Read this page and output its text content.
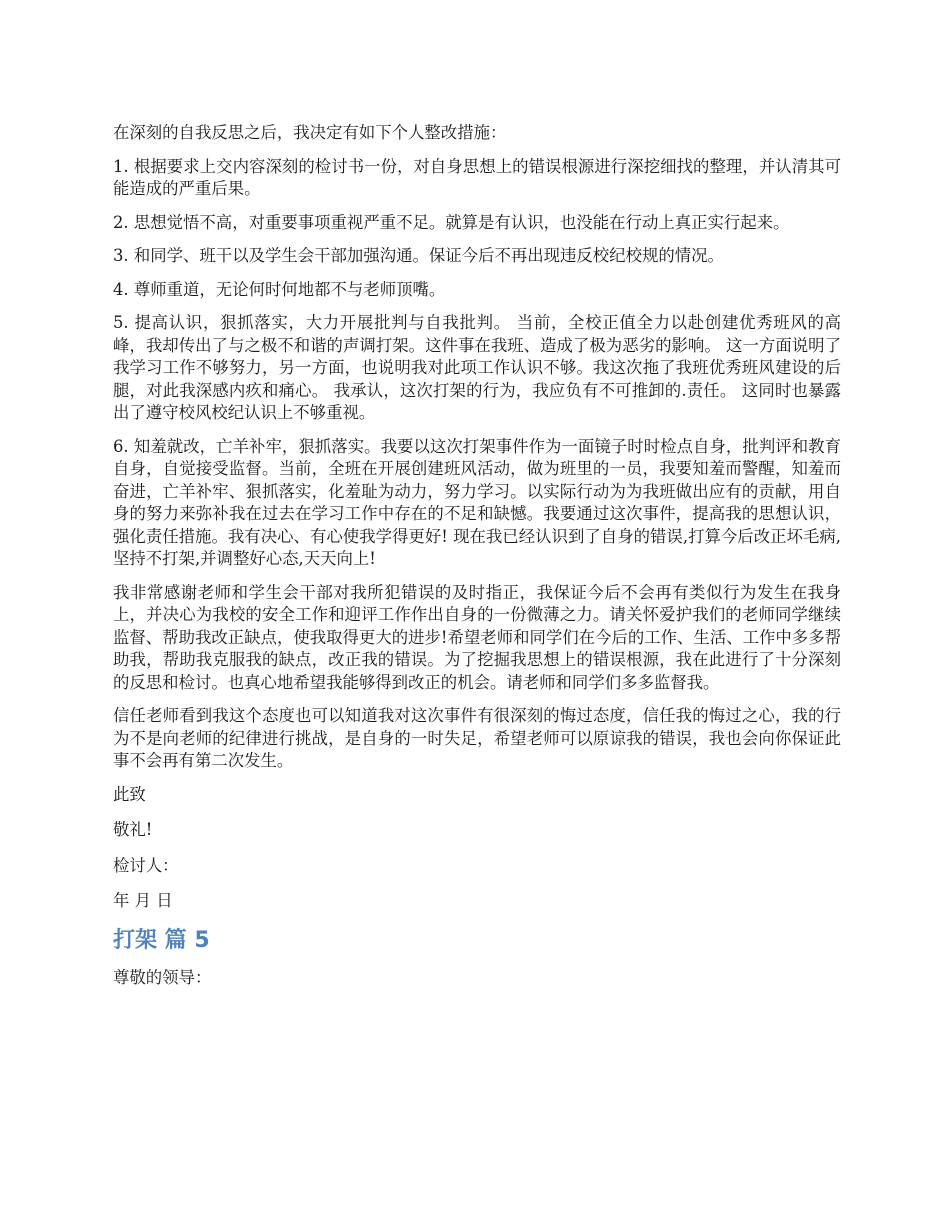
在深刻的自我反思之后，我决定有如下个人整改措施：

1. 根据要求上交内容深刻的检讨书一份，对自身思想上的错误根源进行深挖细找的整理，并认清其可能造成的严重后果。

2. 思想觉悟不高，对重要事项重视严重不足。就算是有认识，也没能在行动上真正实行起来。

3. 和同学、班干以及学生会干部加强沟通。保证今后不再出现违反校纪校规的情况。

4. 尊师重道，无论何时何地都不与老师顶嘴。

5. 提高认识，狠抓落实，大力开展批判与自我批判。 当前，全校正值全力以赴创建优秀班风的高峰，我却传出了与之极不和谐的声调打架。这件事在我班、造成了极为恶劣的影响。 这一方面说明了我学习工作不够努力，另一方面，也说明我对此项工作认识不够。我这次拖了我班优秀班风建设的后腿，对此我深感内疚和痛心。 我承认，这次打架的行为，我应负有不可推卸的.责任。 这同时也暴露出了遵守校风校纪认识上不够重视。

6. 知羞就改，亡羊补牢，狠抓落实。我要以这次打架事件作为一面镜子时时检点自身，批判评和教育自身，自觉接受监督。当前，全班在开展创建班风活动，做为班里的一员，我要知羞而警醒，知羞而奋进，亡羊补牢、狠抓落实，化羞耻为动力，努力学习。以实际行动为为我班做出应有的贡献，用自身的努力来弥补我在过去在学习工作中存在的不足和缺憾。我要通过这次事件，提高我的思想认识，强化责任措施。我有决心、有心使我学得更好! 现在我已经认识到了自身的错误,打算今后改正坏毛病,坚持不打架,并调整好心态,天天向上!

我非常感谢老师和学生会干部对我所犯错误的及时指正，我保证今后不会再有类似行为发生在我身上，并决心为我校的安全工作和迎评工作作出自身的一份微薄之力。请关怀爱护我们的老师同学继续监督、帮助我改正缺点，使我取得更大的进步!希望老师和同学们在今后的工作、生活、工作中多多帮助我，帮助我克服我的缺点，改正我的错误。为了挖掘我思想上的错误根源，我在此进行了十分深刻的反思和检讨。也真心地希望我能够得到改正的机会。请老师和同学们多多监督我。

信任老师看到我这个态度也可以知道我对这次事件有很深刻的悔过态度，信任我的悔过之心，我的行为不是向老师的纪律进行挑战，是自身的一时失足，希望老师可以原谅我的错误，我也会向你保证此事不会再有第二次发生。

此致

敬礼!

检讨人：

年 月 日

打架 篇 5

尊敬的领导：
